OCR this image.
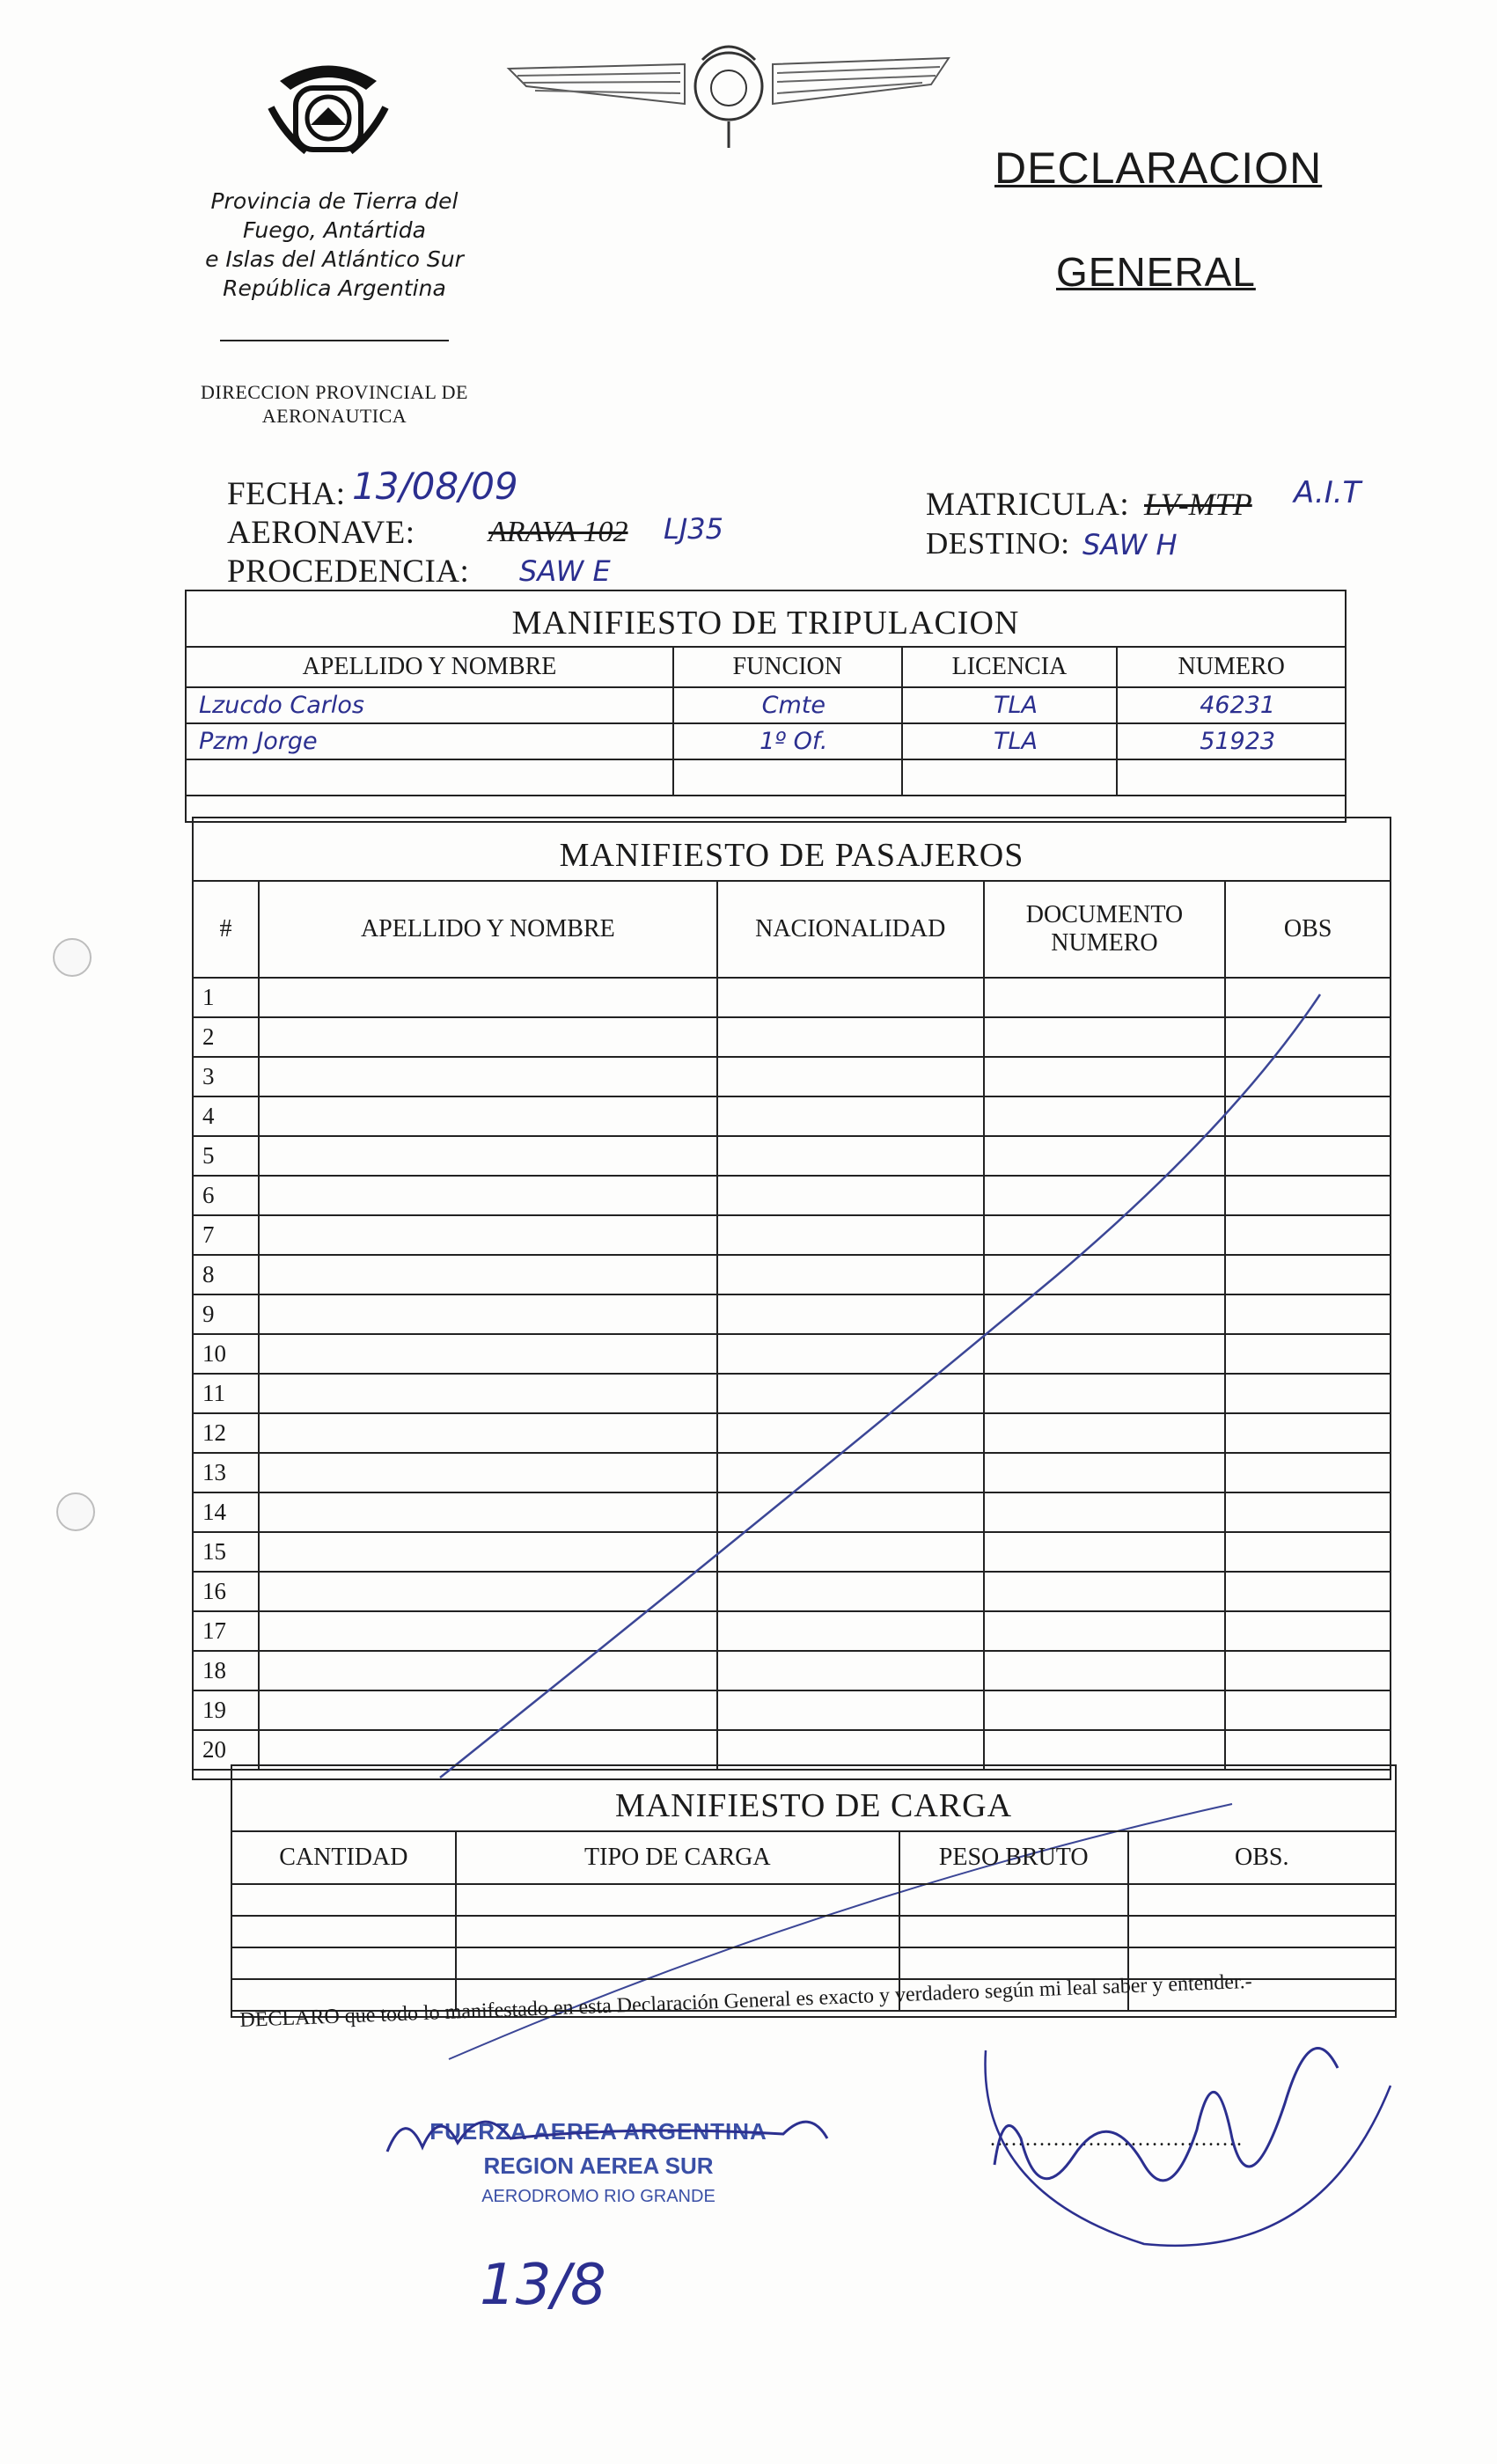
Provincia de Tierra del
Fuego, Antártida
e Islas del Atlántico Sur
República Argentina
DIRECCION PROVINCIAL DE
AERONAUTICA
DECLARACION
GENERAL
FECHA: 13/08/09
AERONAVE: ARAVA 102 LJ35
PROCEDENCIA: SAW E
MATRICULA: LV-MTP A.I.T
DESTINO: SAW H
MANIFIESTO DE TRIPULACION
APELLIDO Y NOMBRE	FUNCION	LICENCIA	NUMERO
Lzucdo Carlos	Cmte	TLA	46231
Pzm Jorge	1º Of.	TLA	51923

MANIFIESTO DE PASAJEROS
#	APELLIDO Y NOMBRE	NACIONALIDAD	DOCUMENTO NUMERO	OBS
1				
2				
3				
4				
5				
6				
7				
8				
9				
10				
11				
12				
13				
14				
15				
16				
17				
18				
19				
20				
MANIFIESTO DE CARGA
CANTIDAD	TIPO DE CARGA	PESO BRUTO	OBS.

DECLARO que todo lo manifestado en esta Declaración General es exacto y verdadero según mi leal saber y entender.-
....................................
FUERZA AEREA ARGENTINA
REGION AEREA SUR
AERODROMO RIO GRANDE
13/8
